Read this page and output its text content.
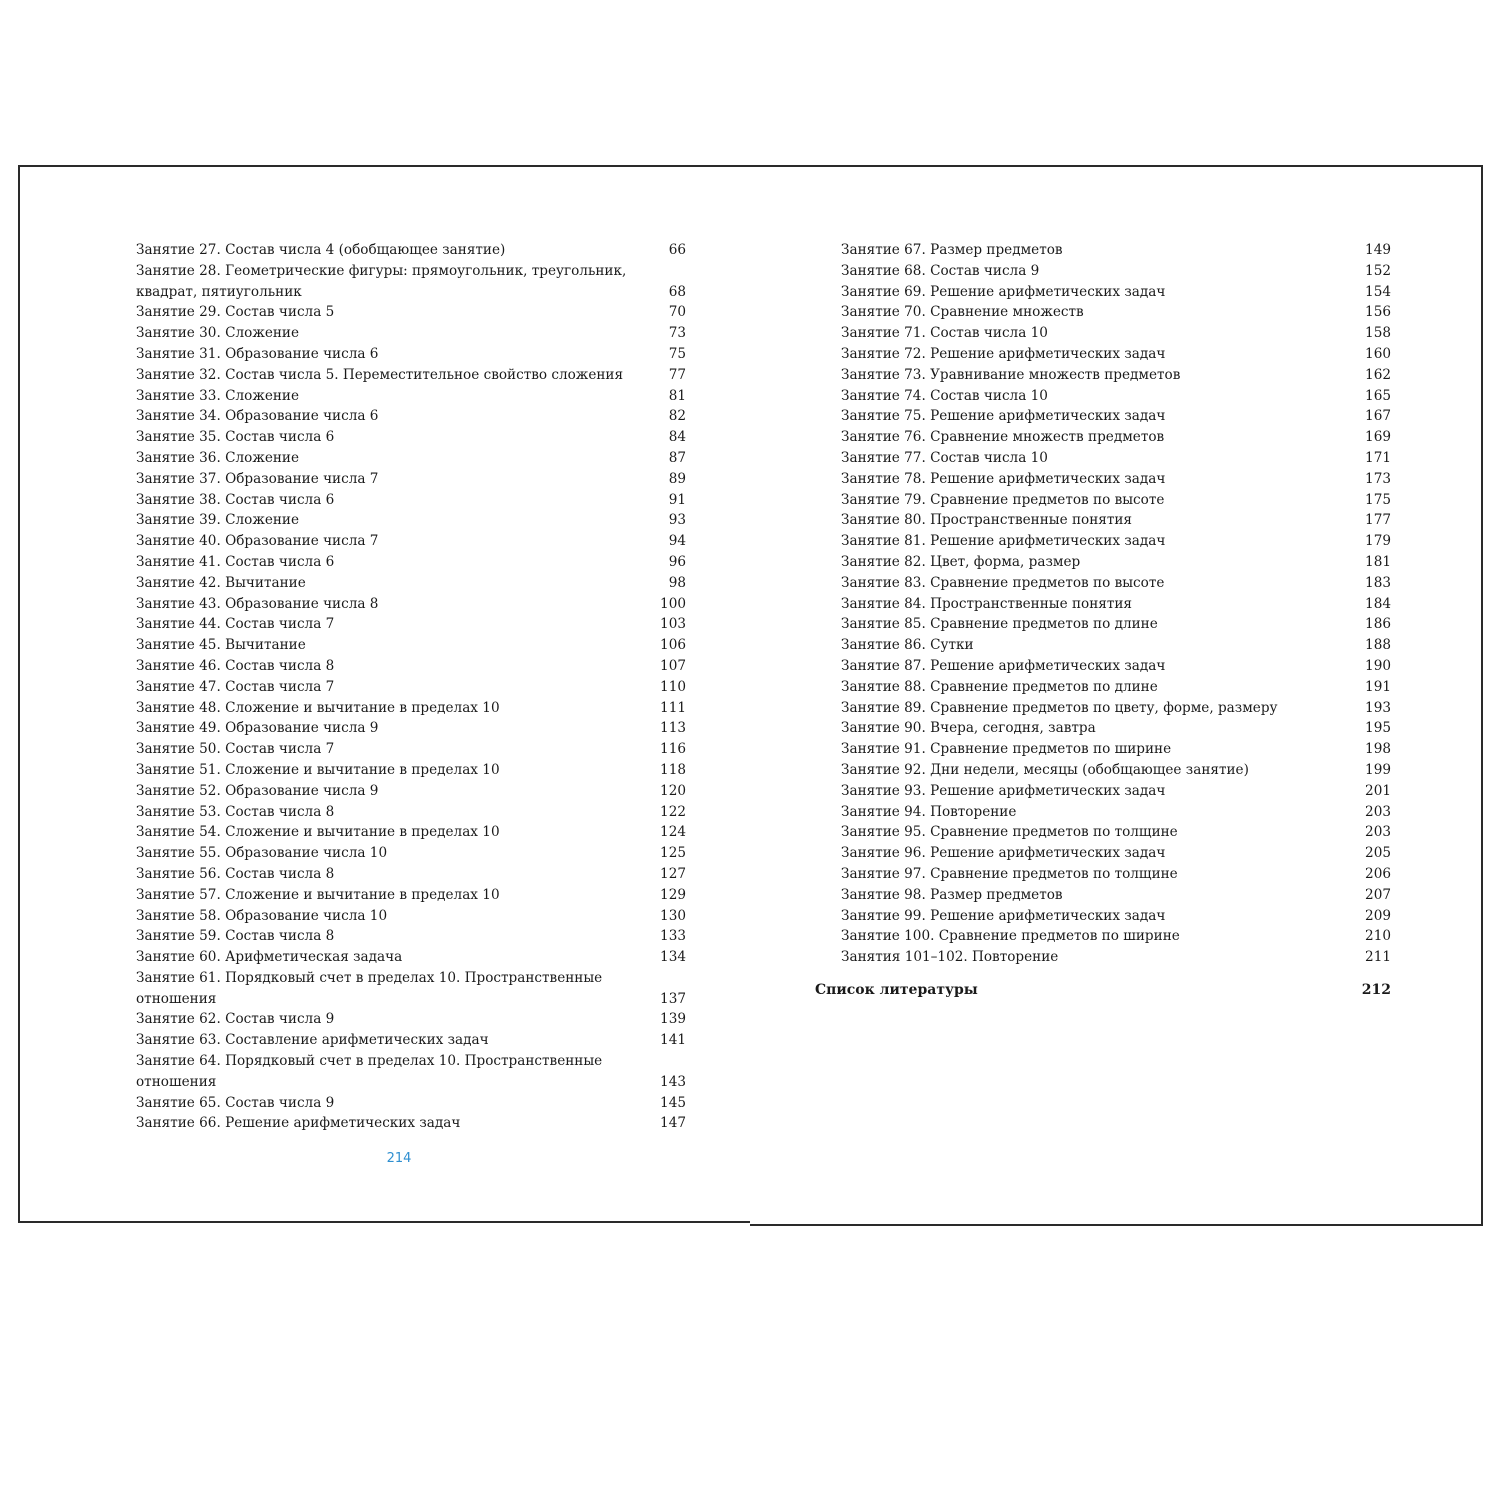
Занятие 27. Состав числа 4 (обобщающее занятие)	66
Занятие 28. Геометрические фигуры: прямоугольник, треугольник,
квадрат, пятиугольник	68
Занятие 29. Состав числа 5	70
Занятие 30. Сложение	73
Занятие 31. Образование числа 6	75
Занятие 32. Состав числа 5. Переместительное свойство сложения	77
Занятие 33. Сложение	81
Занятие 34. Образование числа 6	82
Занятие 35. Состав числа 6	84
Занятие 36. Сложение	87
Занятие 37. Образование числа 7	89
Занятие 38. Состав числа 6	91
Занятие 39. Сложение	93
Занятие 40. Образование числа 7	94
Занятие 41. Состав числа 6	96
Занятие 42. Вычитание	98
Занятие 43. Образование числа 8	100
Занятие 44. Состав числа 7	103
Занятие 45. Вычитание	106
Занятие 46. Состав числа 8	107
Занятие 47. Состав числа 7	110
Занятие 48. Сложение и вычитание в пределах 10	111
Занятие 49. Образование числа 9	113
Занятие 50. Состав числа 7	116
Занятие 51. Сложение и вычитание в пределах 10	118
Занятие 52. Образование числа 9	120
Занятие 53. Состав числа 8	122
Занятие 54. Сложение и вычитание в пределах 10	124
Занятие 55. Образование числа 10	125
Занятие 56. Состав числа 8	127
Занятие 57. Сложение и вычитание в пределах 10	129
Занятие 58. Образование числа 10	130
Занятие 59. Состав числа 8	133
Занятие 60. Арифметическая задача	134
Занятие 61. Порядковый счет в пределах 10. Пространственные
отношения	137
Занятие 62. Состав числа 9	139
Занятие 63. Составление арифметических задач	141
Занятие 64. Порядковый счет в пределах 10. Пространственные
отношения	143
Занятие 65. Состав числа 9	145
Занятие 66. Решение арифметических задач	147
Занятие 67. Размер предметов	149
Занятие 68. Состав числа 9	152
Занятие 69. Решение арифметических задач	154
Занятие 70. Сравнение множеств	156
Занятие 71. Состав числа 10	158
Занятие 72. Решение арифметических задач	160
Занятие 73. Уравнивание множеств предметов	162
Занятие 74. Состав числа 10	165
Занятие 75. Решение арифметических задач	167
Занятие 76. Сравнение множеств предметов	169
Занятие 77. Состав числа 10	171
Занятие 78. Решение арифметических задач	173
Занятие 79. Сравнение предметов по высоте	175
Занятие 80. Пространственные понятия	177
Занятие 81. Решение арифметических задач	179
Занятие 82. Цвет, форма, размер	181
Занятие 83. Сравнение предметов по высоте	183
Занятие 84. Пространственные понятия	184
Занятие 85. Сравнение предметов по длине	186
Занятие 86. Сутки	188
Занятие 87. Решение арифметических задач	190
Занятие 88. Сравнение предметов по длине	191
Занятие 89. Сравнение предметов по цвету, форме, размеру	193
Занятие 90. Вчера, сегодня, завтра	195
Занятие 91. Сравнение предметов по ширине	198
Занятие 92. Дни недели, месяцы (обобщающее занятие)	199
Занятие 93. Решение арифметических задач	201
Занятие 94. Повторение	203
Занятие 95. Сравнение предметов по толщине	203
Занятие 96. Решение арифметических задач	205
Занятие 97. Сравнение предметов по толщине	206
Занятие 98. Размер предметов	207
Занятие 99. Решение арифметических задач	209
Занятие 100. Сравнение предметов по ширине	210
Занятия 101–102. Повторение	211
Список литературы	212
214
